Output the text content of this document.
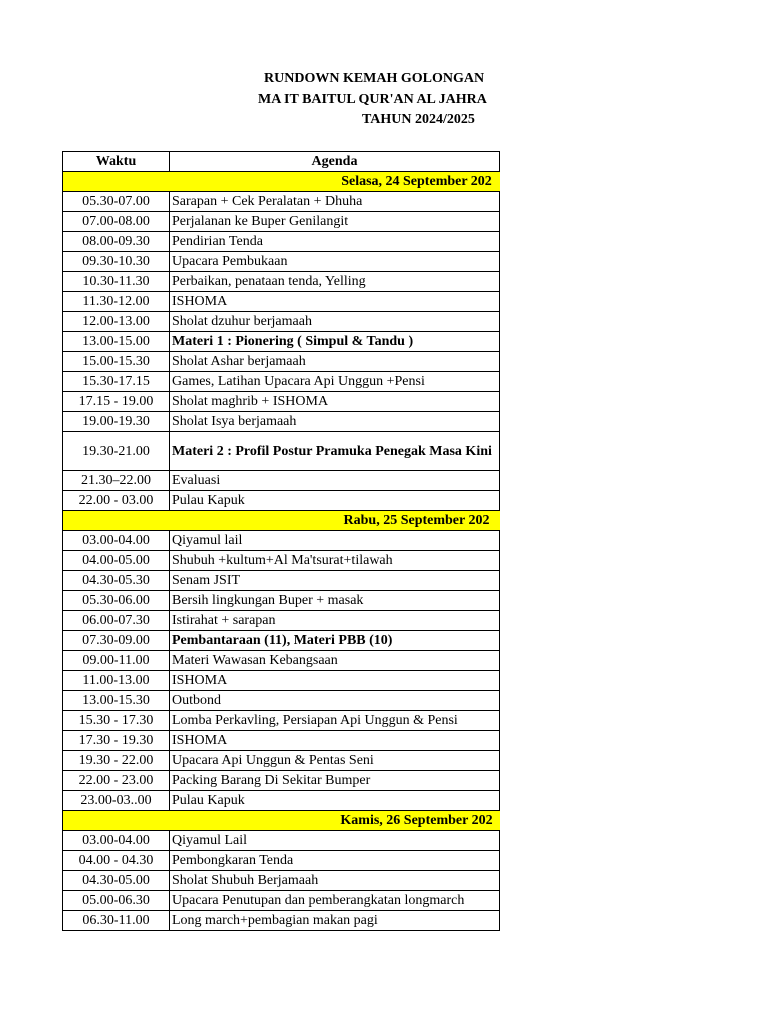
RUNDOWN KEMAH GOLONGAN
MA IT BAITUL QUR'AN AL JAHRA
TAHUN 2024/2025
Waktu	Agenda

Selasa, 24 September 202	

05.30-07.00	Sarapan + Cek Peralatan + Dhuha
07.00-08.00	Perjalanan ke Buper Genilangit
08.00-09.30	Pendirian Tenda
09.30-10.30	Upacara Pembukaan
10.30-11.30	Perbaikan, penataan tenda, Yelling
11.30-12.00	ISHOMA
12.00-13.00	Sholat dzuhur berjamaah
13.00-15.00	Materi 1 : Pionering ( Simpul & Tandu )
15.00-15.30	Sholat Ashar berjamaah
15.30-17.15	Games, Latihan Upacara Api Unggun +Pensi
17.15 - 19.00	Sholat maghrib + ISHOMA
19.00-19.30	Sholat Isya berjamaah
19.30-21.00	Materi 2 : Profil Postur Pramuka Penegak Masa Kini
21.30–22.00	Evaluasi
22.00 - 03.00	Pulau Kapuk

Rabu, 25 September 202	

03.00-04.00	Qiyamul lail
04.00-05.00	Shubuh +kultum+Al Ma'tsurat+tilawah
04.30-05.30	Senam JSIT
05.30-06.00	Bersih lingkungan Buper + masak
06.00-07.30	Istirahat + sarapan
07.30-09.00	Pembantaraan (11), Materi PBB (10)
09.00-11.00	Materi Wawasan Kebangsaan
11.00-13.00	ISHOMA
13.00-15.30	Outbond
15.30 - 17.30	Lomba Perkavling, Persiapan Api Unggun & Pensi
17.30 - 19.30	ISHOMA
19.30 - 22.00	Upacara Api Unggun & Pentas Seni
22.00 - 23.00	Packing Barang Di Sekitar Bumper
23.00-03..00	Pulau Kapuk

Kamis, 26 September 202	

03.00-04.00	Qiyamul Lail
04.00 - 04.30	Pembongkaran Tenda
04.30-05.00	Sholat Shubuh Berjamaah
05.00-06.30	Upacara Penutupan dan pemberangkatan longmarch
06.30-11.00	Long march+pembagian makan pagi
